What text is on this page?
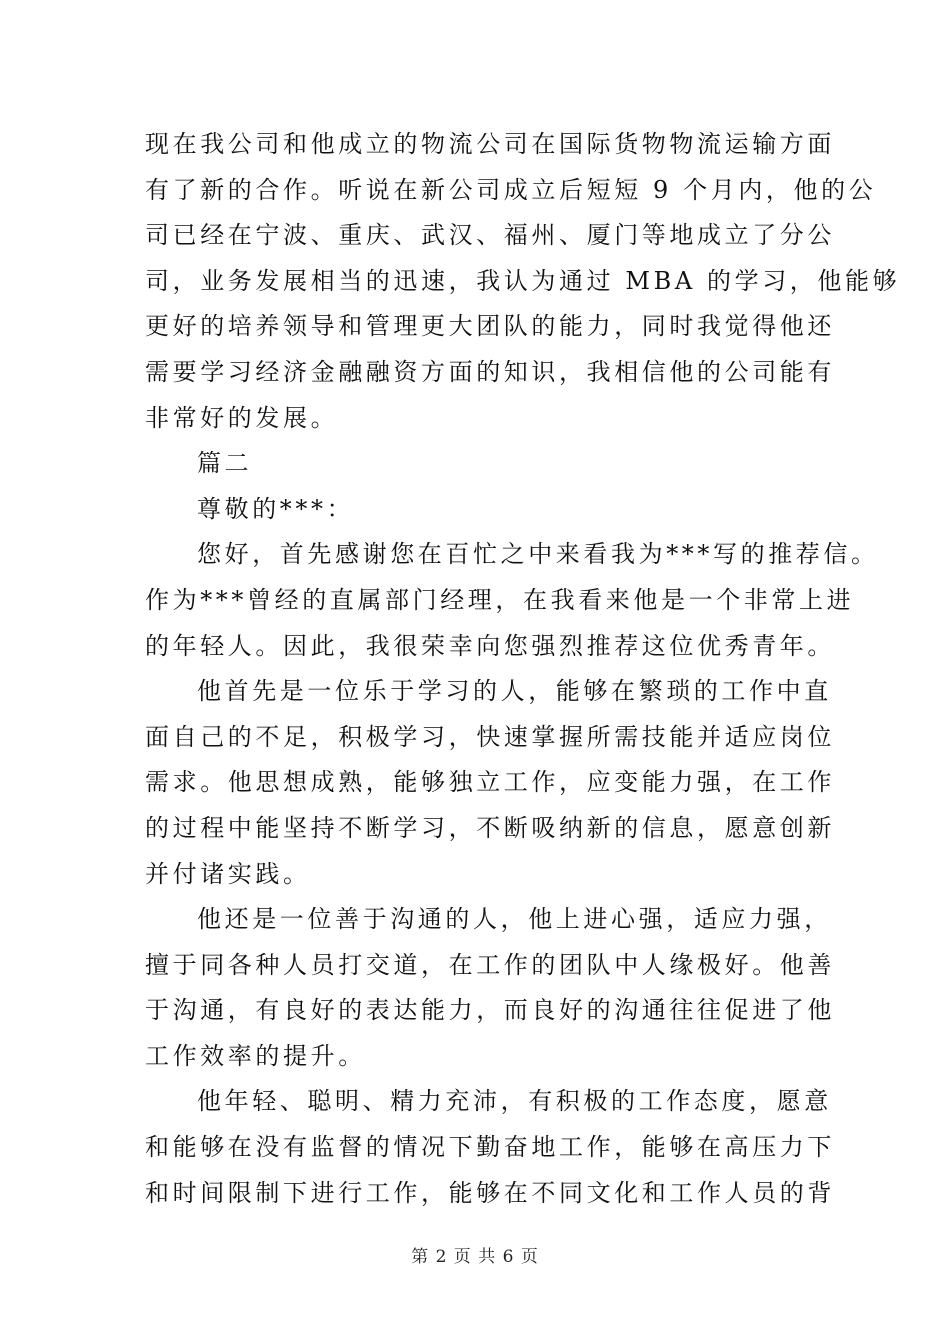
现在我公司和他成立的物流公司在国际货物物流运输方面
有了新的合作。听说在新公司成立后短短 9 个月内，他的公
司已经在宁波、重庆、武汉、福州、厦门等地成立了分公
司，业务发展相当的迅速，我认为通过 MBA 的学习，他能够
更好的培养领导和管理更大团队的能力，同时我觉得他还
需要学习经济金融融资方面的知识，我相信他的公司能有
非常好的发展。
篇二
尊敬的***：
您好，首先感谢您在百忙之中来看我为***写的推荐信。
作为***曾经的直属部门经理，在我看来他是一个非常上进
的年轻人。因此，我很荣幸向您强烈推荐这位优秀青年。
他首先是一位乐于学习的人，能够在繁琐的工作中直
面自己的不足，积极学习，快速掌握所需技能并适应岗位
需求。他思想成熟，能够独立工作，应变能力强，在工作
的过程中能坚持不断学习，不断吸纳新的信息，愿意创新
并付诸实践。
他还是一位善于沟通的人，他上进心强，适应力强，
擅于同各种人员打交道，在工作的团队中人缘极好。他善
于沟通，有良好的表达能力，而良好的沟通往往促进了他
工作效率的提升。
他年轻、聪明、精力充沛，有积极的工作态度，愿意
和能够在没有监督的情况下勤奋地工作，能够在高压力下
和时间限制下进行工作，能够在不同文化和工作人员的背
第 2 页 共 6 页
